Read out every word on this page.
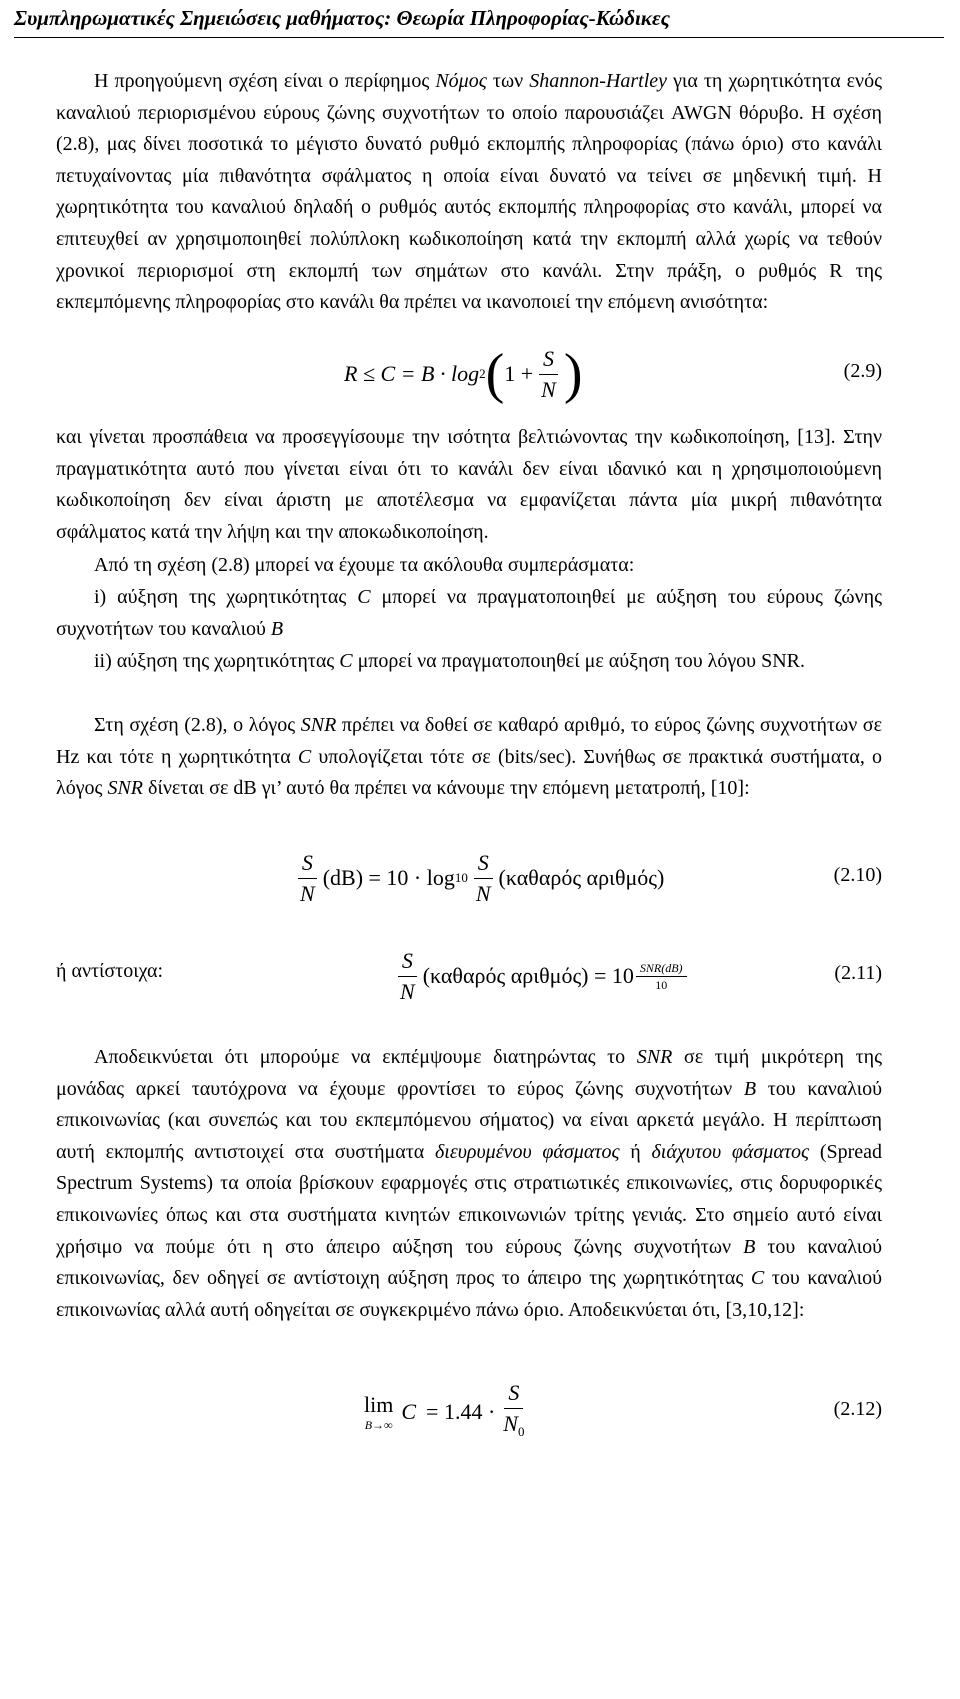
Συμπληρωματικές Σημειώσεις μαθήματος: Θεωρία Πληροφορίας-Κώδικες

Η προηγούμενη σχέση είναι ο περίφημος Νόμος των Shannon-Hartley για τη χωρητικότητα ενός καναλιού περιορισμένου εύρους ζώνης συχνοτήτων το οποίο παρουσιάζει AWGN θόρυβο. Η σχέση (2.8), μας δίνει ποσοτικά το μέγιστο δυνατό ρυθμό εκπομπής πληροφορίας (πάνω όριο) στο κανάλι πετυχαίνοντας μία πιθανότητα σφάλματος η οποία είναι δυνατό να τείνει σε μηδενική τιμή. Η χωρητικότητα του καναλιού δηλαδή ο ρυθμός αυτός εκπομπής πληροφορίας στο κανάλι, μπορεί να επιτευχθεί αν χρησιμοποιηθεί πολύπλοκη κωδικοποίηση κατά την εκπομπή αλλά χωρίς να τεθούν χρονικοί περιορισμοί στη εκπομπή των σημάτων στο κανάλι. Στην πράξη, ο ρυθμός R της εκπεμπόμενης πληροφορίας στο κανάλι θα πρέπει να ικανοποιεί την επόμενη ανισότητα:

R ≤ C = B · log 2 ( $1 + \frac{S}{N}$ )	(2.9)

και γίνεται προσπάθεια να προσεγγίσουμε την ισότητα βελτιώνοντας την κωδικοποίηση, [13]. Στην πραγματικότητα αυτό που γίνεται είναι ότι το κανάλι δεν είναι ιδανικό και η χρησιμοποιούμενη κωδικοποίηση δεν είναι άριστη με αποτέλεσμα να εμφανίζεται πάντα μία μικρή πιθανότητα σφάλματος κατά την λήψη και την αποκωδικοποίηση.

Από τη σχέση (2.8) μπορεί να έχουμε τα ακόλουθα συμπεράσματα:

i) αύξηση της χωρητικότητας C μπορεί να πραγματοποιηθεί με αύξηση του εύρους ζώνης συχνοτήτων του καναλιού B

ii) αύξηση της χωρητικότητας C μπορεί να πραγματοποιηθεί με αύξηση του λόγου SNR.

Στη σχέση (2.8), ο λόγος SNR πρέπει να δοθεί σε καθαρό αριθμό, το εύρος ζώνης συχνοτήτων σε Hz και τότε η χωρητικότητα C υπολογίζεται τότε σε (bits/sec). Συνήθως σε πρακτικά συστήματα, ο λόγος SNR δίνεται σε dB γι’ αυτό θα πρέπει να κάνουμε την επόμενη μετατροπή, [10]:

$\frac{S}{N} (dB) = 10 \cdot \log 10 \frac{S}{N} (\kappa\alpha\theta\alpha\rho ό\varsigma$ αριθμός)	(2.10)
ή αντίστοιχα:	$\frac{S}{N} (\kappa\alpha\theta\alpha\rho ό\varsigma$ $\alpha\rho\iota\theta\mu ό\varsigma) = 10 \frac{\text{SNR(dB)}}{10}$	(2.11)

Αποδεικνύεται ότι μπορούμε να εκπέμψουμε διατηρώντας το SNR σε τιμή μικρότερη της μονάδας αρκεί ταυτόχρονα να έχουμε φροντίσει το εύρος ζώνης συχνοτήτων B του καναλιού επικοινωνίας (και συνεπώς και του εκπεμπόμενου σήματος) να είναι αρκετά μεγάλο. Η περίπτωση αυτή εκπομπής αντιστοιχεί στα συστήματα διευρυμένου φάσματος ή διάχυτου φάσματος (Spread Spectrum Systems) τα οποία βρίσκουν εφαρμογές στις στρατιωτικές επικοινωνίες, στις δορυφορικές επικοινωνίες όπως και στα συστήματα κινητών επικοινωνιών τρίτης γενιάς. Στο σημείο αυτό είναι χρήσιμο να πούμε ότι η στο άπειρο αύξηση του εύρους ζώνης συχνοτήτων B του καναλιού επικοινωνίας, δεν οδηγεί σε αντίστοιχη αύξηση προς το άπειρο της χωρητικότητας C του καναλιού επικοινωνίας αλλά αυτή οδηγείται σε συγκεκριμένο πάνω όριο. Αποδεικνύεται ότι, [3,10,12]:

lim
B→∞
$C = 1.44 \cdot \frac{S}{N_0}$	(2.12)
